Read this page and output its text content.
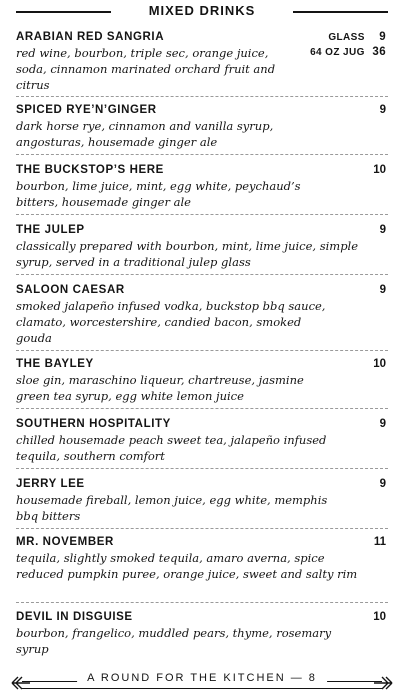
MIXED DRINKS
ARABIAN RED SANGRIA	GLASS 9
64 OZ JUG 36
red wine, bourbon, triple sec, orange juice, soda, cinnamon marinated orchard fruit and citrus
SPICED RYE’N’GINGER	9
dark horse rye, cinnamon and vanilla syrup, angosturas, housemade ginger ale
THE BUCKSTOP’S HERE	10
bourbon, lime juice, mint, egg white, peychaud’s bitters, housemade ginger ale
THE JULEP	9
classically prepared with bourbon, mint, lime juice, simple syrup, served in a traditional julep glass
SALOON CAESAR	9
smoked jalapeño infused vodka, buckstop bbq sauce, clamato, worcestershire, candied bacon, smoked gouda
THE BAYLEY	10
sloe gin, maraschino liqueur, chartreuse, jasmine green tea syrup, egg white lemon juice
SOUTHERN HOSPITALITY	9
chilled housemade peach sweet tea, jalapeño infused tequila, southern comfort
JERRY LEE	9
housemade fireball, lemon juice, egg white, memphis bbq bitters
MR. NOVEMBER	11
tequila, slightly smoked tequila, amaro averna, spice reduced pumpkin puree, orange juice, sweet and salty rim
DEVIL IN DISGUISE	10
bourbon, frangelico, muddled pears, thyme, rosemary syrup
A ROUND FOR THE KITCHEN — 8
